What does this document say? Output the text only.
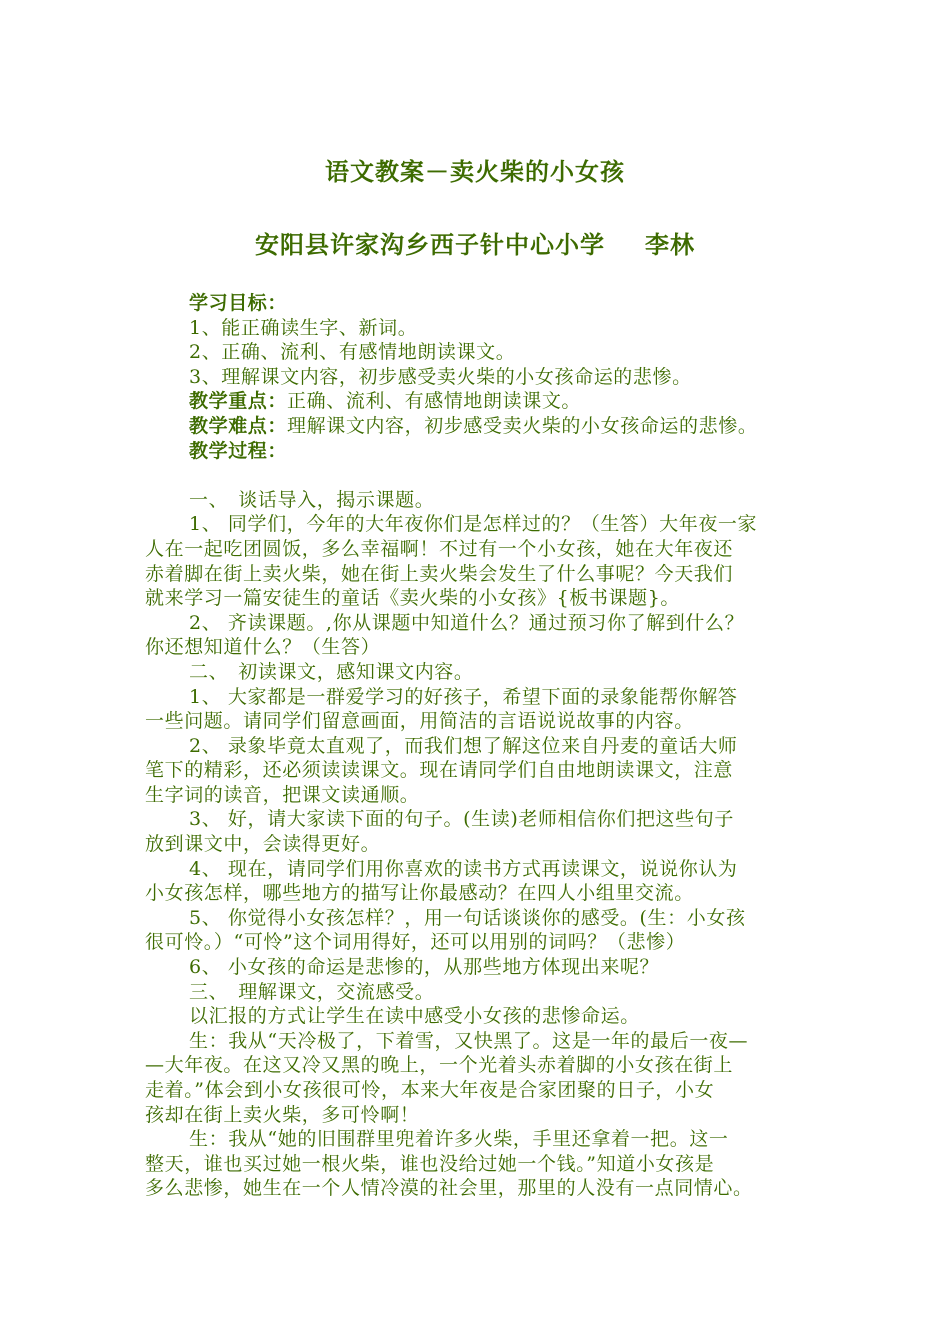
语文教案－卖火柴的小女孩
安阳县许家沟乡西子针中心小学 李林
学习目标：
1、能正确读生字、新词。
2、正确、流利、有感情地朗读课文。
3、理解课文内容，初步感受卖火柴的小女孩命运的悲惨。
教学重点：正确、流利、有感情地朗读课文。
教学难点：理解课文内容，初步感受卖火柴的小女孩命运的悲惨。
教学过程：
一、　谈话导入，揭示课题。
1、 同学们，今年的大年夜你们是怎样过的？（生答）大年夜一家
人在一起吃团圆饭，多么幸福啊！不过有一个小女孩，她在大年夜还
赤着脚在街上卖火柴，她在街上卖火柴会发生了什么事呢？今天我们
就来学习一篇安徒生的童话《卖火柴的小女孩》{板书课题}。
2、 齐读课题。,你从课题中知道什么？通过预习你了解到什么？
你还想知道什么？（生答）
二、　初读课文，感知课文内容。
1、 大家都是一群爱学习的好孩子，希望下面的录象能帮你解答
一些问题。请同学们留意画面，用简洁的言语说说故事的内容。
2、 录象毕竟太直观了，而我们想了解这位来自丹麦的童话大师
笔下的精彩，还必须读读课文。现在请同学们自由地朗读课文，注意
生字词的读音，把课文读通顺。
3、 好，请大家读下面的句子。(生读)老师相信你们把这些句子
放到课文中，会读得更好。
4、 现在，请同学们用你喜欢的读书方式再读课文，说说你认为
小女孩怎样，哪些地方的描写让你最感动？在四人小组里交流。
5、 你觉得小女孩怎样？，用一句话谈谈你的感受。(生：小女孩
很可怜。）“可怜”这个词用得好，还可以用别的词吗？（悲惨）
6、 小女孩的命运是悲惨的，从那些地方体现出来呢？
三、　理解课文，交流感受。
以汇报的方式让学生在读中感受小女孩的悲惨命运。
生：我从“天冷极了，下着雪，又快黑了。这是一年的最后一夜—
—大年夜。在这又冷又黑的晚上，一个光着头赤着脚的小女孩在街上
走着。”体会到小女孩很可怜，本来大年夜是合家团聚的日子，小女
孩却在街上卖火柴，多可怜啊！
生：我从“她的旧围群里兜着许多火柴，手里还拿着一把。这一
整天，谁也买过她一根火柴，谁也没给过她一个钱。”知道小女孩是
多么悲惨，她生在一个人情冷漠的社会里，那里的人没有一点同情心。
